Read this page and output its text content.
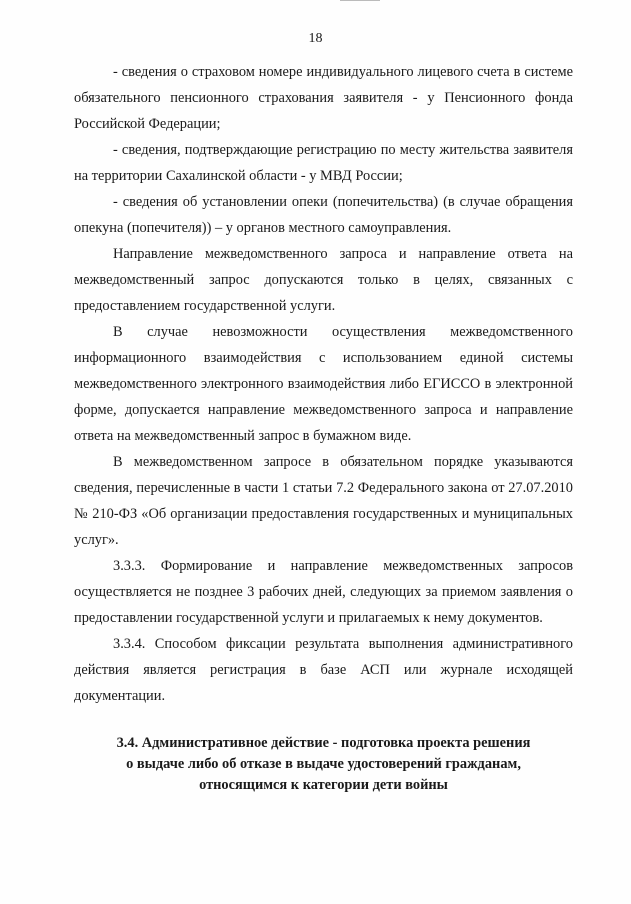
18

- сведения о страховом номере индивидуального лицевого счета в системе обязательного пенсионного страхования заявителя - у Пенсионного фонда Российской Федерации;

- сведения, подтверждающие регистрацию по месту жительства заявителя на территории Сахалинской области - у МВД России;

- сведения об установлении опеки (попечительства) (в случае обращения опекуна (попечителя)) – у органов местного самоуправления.

Направление межведомственного запроса и направление ответа на межведомственный запрос допускаются только в целях, связанных с предоставлением государственной услуги.

В случае невозможности осуществления межведомственного информационного взаимодействия с использованием единой системы межведомственного электронного взаимодействия либо ЕГИССО в электронной форме, допускается направление межведомственного запроса и направление ответа на межведомственный запрос в бумажном виде.

В межведомственном запросе в обязательном порядке указываются сведения, перечисленные в части 1 статьи 7.2 Федерального закона от 27.07.2010 № 210-ФЗ «Об организации предоставления государственных и муниципальных услуг».

3.3.3. Формирование и направление межведомственных запросов осуществляется не позднее 3 рабочих дней, следующих за приемом заявления о предоставлении государственной услуги и прилагаемых к нему документов.

3.3.4. Способом фиксации результата выполнения административного действия является регистрация в базе АСП или журнале исходящей документации.

3.4. Административное действие - подготовка проекта решения
о выдаче либо об отказе в выдаче удостоверений гражданам,
относящимся к категории дети войны
